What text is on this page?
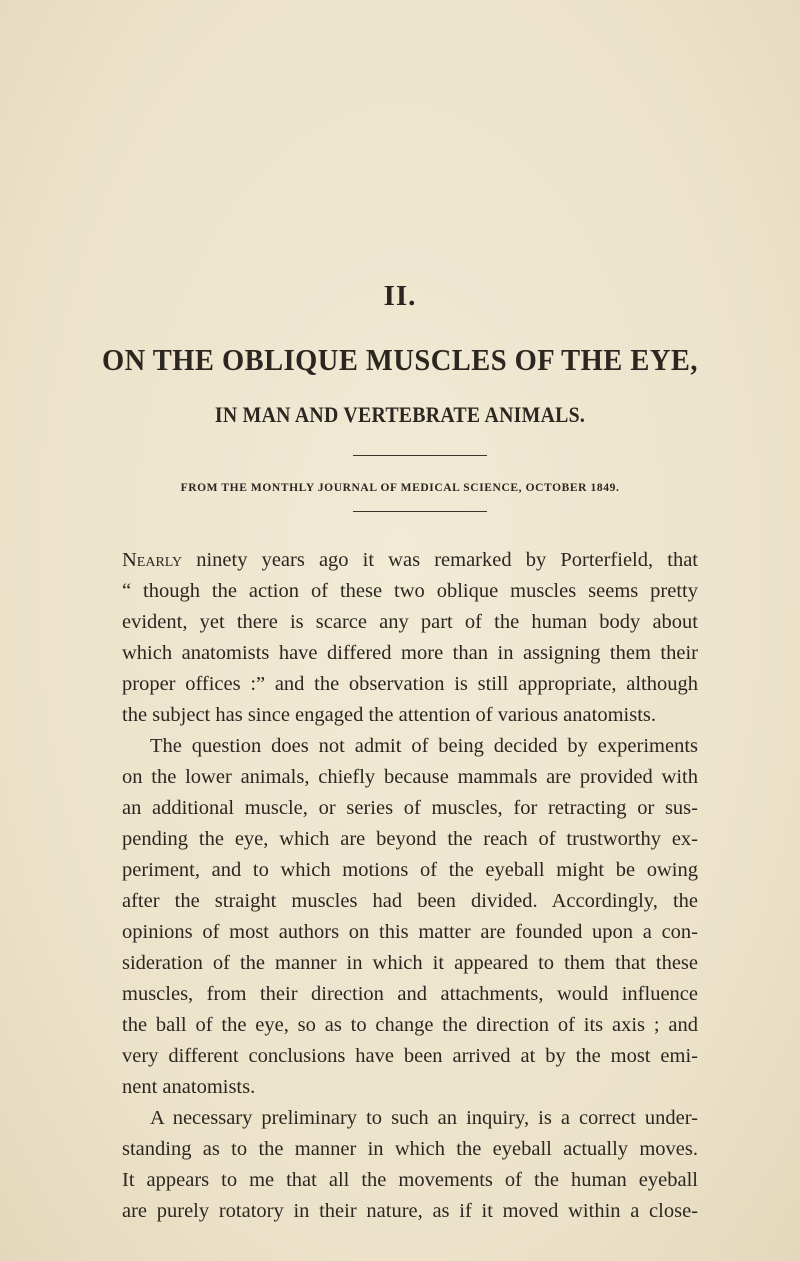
II.
ON THE OBLIQUE MUSCLES OF THE EYE,
IN MAN AND VERTEBRATE ANIMALS.
FROM THE MONTHLY JOURNAL OF MEDICAL SCIENCE, OCTOBER 1849.
Nearly ninety years ago it was remarked by Porterfield, that
“ though the action of these two oblique muscles seems pretty
evident, yet there is scarce any part of the human body about
which anatomists have differed more than in assigning them their
proper offices :” and the observation is still appropriate, although
the subject has since engaged the attention of various anatomists.
The question does not admit of being decided by experiments
on the lower animals, chiefly because mammals are provided with
an additional muscle, or series of muscles, for retracting or sus-
pending the eye, which are beyond the reach of trustworthy ex-
periment, and to which motions of the eyeball might be owing
after the straight muscles had been divided. Accordingly, the
opinions of most authors on this matter are founded upon a con-
sideration of the manner in which it appeared to them that these
muscles, from their direction and attachments, would influence
the ball of the eye, so as to change the direction of its axis ; and
very different conclusions have been arrived at by the most emi-
nent anatomists.
A necessary preliminary to such an inquiry, is a correct under-
standing as to the manner in which the eyeball actually moves.
It appears to me that all the movements of the human eyeball
are purely rotatory in their nature, as if it moved within a close-
